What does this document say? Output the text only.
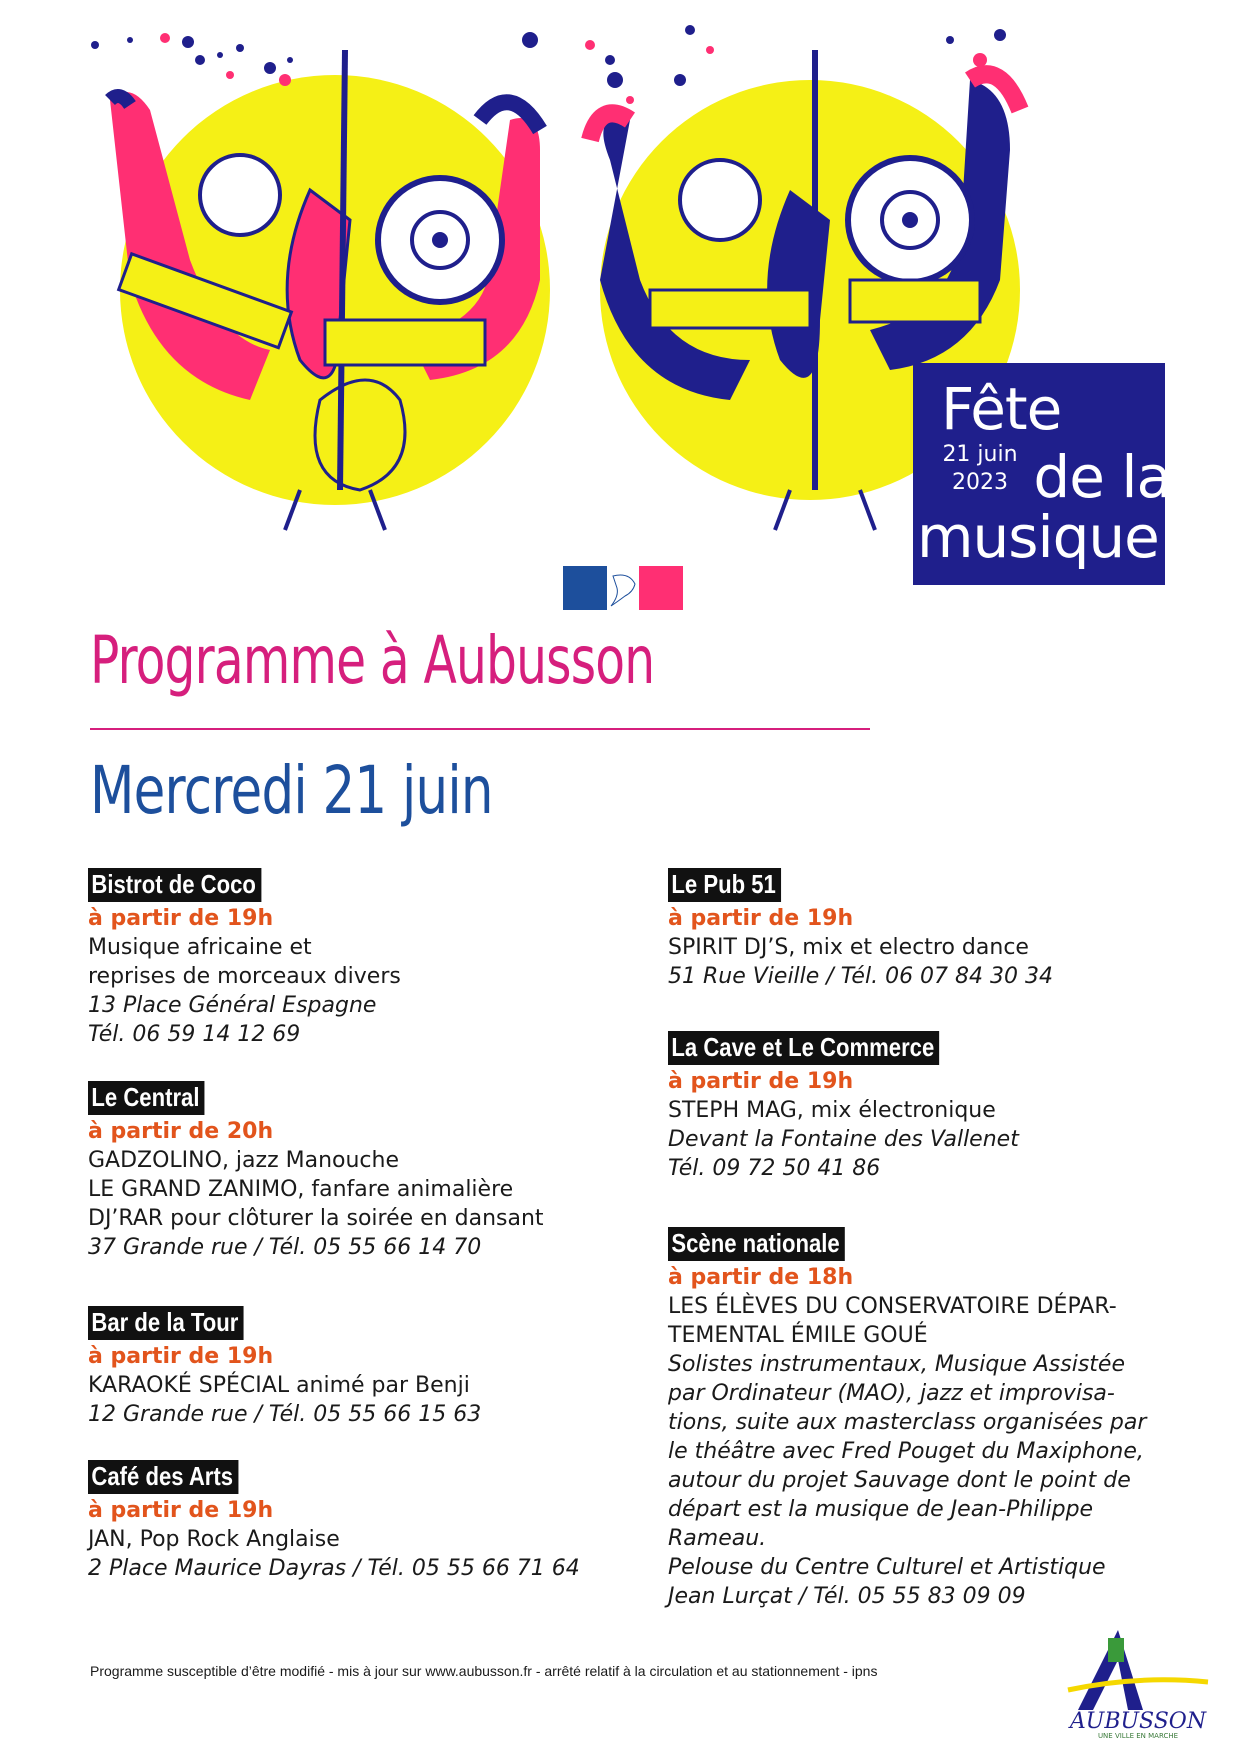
Fête
21 juin
2023 de la
musique
Programme à Aubusson
Mercredi 21 juin
Bistrot de Coco
à partir de 19h
Musique africaine et
reprises de morceaux divers
13 Place Général Espagne
Tél. 06 59 14 12 69
Le Central
à partir de 20h
GADZOLINO, jazz Manouche
LE GRAND ZANIMO, fanfare animalière
DJ’RAR pour clôturer la soirée en dansant
37 Grande rue / Tél. 05 55 66 14 70
Bar de la Tour
à partir de 19h
KARAOKÉ SPÉCIAL animé par Benji
12 Grande rue / Tél. 05 55 66 15 63
Café des Arts
à partir de 19h
JAN, Pop Rock Anglaise
2 Place Maurice Dayras / Tél. 05 55 66 71 64
Le Pub 51
à partir de 19h
SPIRIT DJ’S, mix et electro dance
51 Rue Vieille / Tél. 06 07 84 30 34
La Cave et Le Commerce
à partir de 19h
STEPH MAG, mix électronique
Devant la Fontaine des Vallenet
Tél. 09 72 50 41 86
Scène nationale
à partir de 18h
LES ÉLÈVES DU CONSERVATOIRE DÉPAR-
TEMENTAL ÉMILE GOUÉ
Solistes instrumentaux, Musique Assistée
par Ordinateur (MAO), jazz et improvisa-
tions, suite aux masterclass organisées par
le théâtre avec Fred Pouget du Maxiphone,
autour du projet Sauvage dont le point de
départ est la musique de Jean-Philippe
Rameau.
Pelouse du Centre Culturel et Artistique
Jean Lurçat / Tél. 05 55 83 09 09
Programme susceptible d’être modifié - mis à jour sur www.aubusson.fr - arrêté relatif à la circulation et au stationnement - ipns
AUBUSSON
UNE VILLE EN MARCHE
